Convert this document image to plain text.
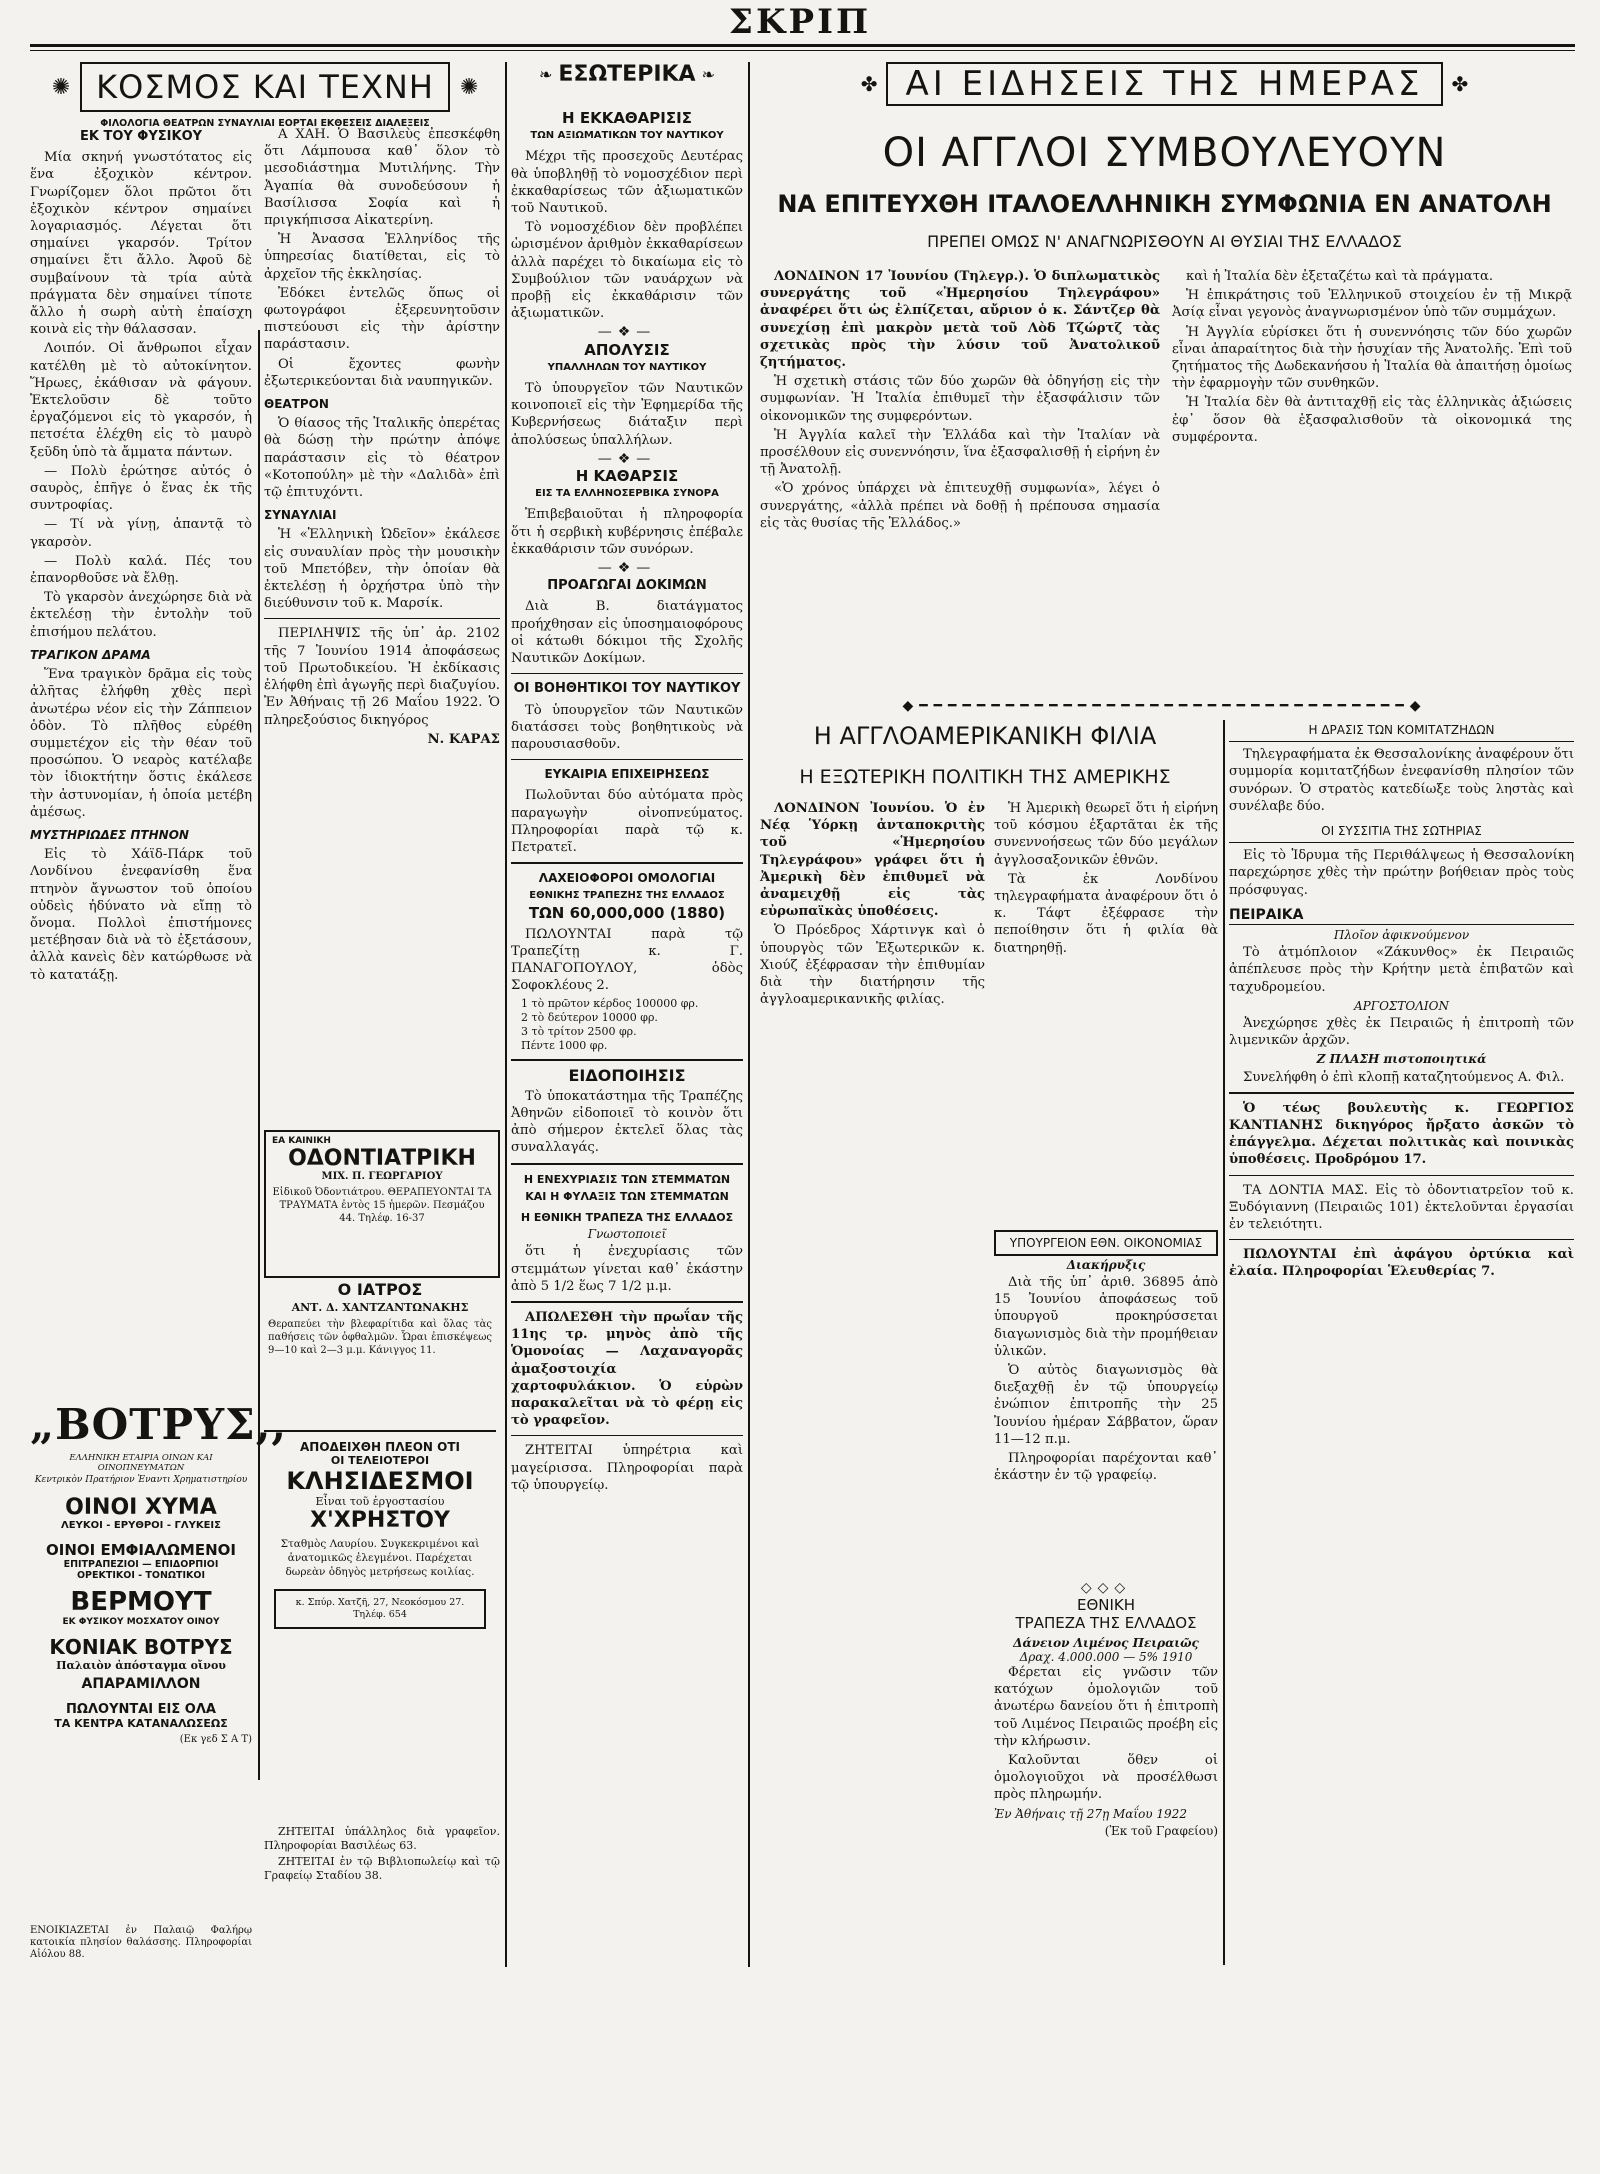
ΣΚΡΙΠ
✺ ΚΟΣΜΟΣ ΚΑΙ ΤΕΧΝΗ	✺
ΦΙΛΟΛΟΓΙΑ ΘΕΑΤΡΩΝ ΣΥΝΑΥΛΙΑΙ ΕΟΡΤΑΙ ΕΚΘΕΣΕΙΣ ΔΙΑΛΕΞΕΙΣ
ΕΚ ΤΟΥ ΦΥΣΙΚΟΥ

Μία σκηνή γνωστότατος εἰς ἕνα ἐξοχικὸν κέντρον. Γνωρίζομεν ὅλοι πρῶτοι ὅτι ἐξοχικὸν κέντρον σημαίνει λογαριασμός. Λέγεται ὅτι σημαίνει γκαρσόν. Τρίτον σημαίνει ἔτι ἄλλο. Ἀφοῦ δὲ συμβαίνουν τὰ τρία αὐτὰ πράγματα δὲν σημαίνει τίποτε ἄλλο ἡ σωρὴ αὐτὴ ἐπαίσχη κοινὰ εἰς τὴν θάλασσαν.

Λοιπόν. Οἱ ἄνθρωποι εἶχαν κατέλθη μὲ τὸ αὐτοκίνητον. Ἥρωες, ἐκάθισαν νὰ φάγουν. Ἐκτελοῦσιν δὲ τοῦτο ἐργαζόμενοι εἰς τὸ γκαρσόν, ἡ πετσέτα ἐλέχθη εἰς τὸ μαυρὸ ξεῦδη ὑπὸ τὰ ἄμματα πάντων.

— Πολὺ ἐρώτησε αὐτός ὁ σαυρὸς, ἐπῆγε ὁ ἕνας ἐκ τῆς συντροφίας.

— Τί νὰ γίνῃ, ἀπαντᾷ τὸ γκαρσὸν.

— Πολὺ καλά. Πές του ἐπανορθοῦσε νὰ ἔλθῃ.

Τὸ γκαρσὸν ἀνεχώρησε διὰ νὰ ἐκτελέσῃ τὴν ἐντολὴν τοῦ ἐπισήμου πελάτου.

ΤΡΑΓΙΚΟΝ ΔΡΑΜΑ

Ἕνα τραγικὸν δρᾶμα εἰς τοὺς ἀλῆτας ἐλήφθη χθὲς περὶ ἀνωτέρω νέον εἰς τὴν Ζάππειον ὁδὸν. Τὸ πλῆθος εὑρέθη συμμετέχον εἰς τὴν θέαν τοῦ προσώπου. Ὁ νεαρὸς κατέλαβε τὸν ἰδιοκτήτην ὅστις ἐκάλεσε τὴν ἀστυνομίαν, ἡ ὁποία μετέβη ἀμέσως.

ΜΥΣΤΗΡΙΩΔΕΣ ΠΤΗΝΟΝ

Εἰς τὸ Χάϊδ-Πάρκ τοῦ Λονδίνου ἐνεφανίσθη ἕνα πτηνὸν ἄγνωστον τοῦ ὁποίου οὐδεὶς ἠδύνατο νὰ εἴπῃ τὸ ὄνομα. Πολλοὶ ἐπιστήμονες μετέβησαν διὰ νὰ τὸ ἐξετάσουν, ἀλλὰ κανεὶς δὲν κατώρθωσε νὰ τὸ κατατάξῃ.

„ΒΟΤΡΥΣ,,
ΕΛΛΗΝΙΚΗ ΕΤΑΙΡΙΑ ΟΙΝΩΝ ΚΑΙ ΟΙΝΟΠΝΕΥΜΑΤΩΝ
Κεντρικὸν Πρατήριον Ἐναντι Χρηματιστηρίου
ΟΙΝΟΙ ΧΥΜΑ
ΛΕΥΚΟΙ - ΕΡΥΘΡΟΙ - ΓΛΥΚΕΙΣ
ΟΙΝΟΙ ΕΜΦΙΑΛΩΜΕΝΟΙ
ΕΠΙΤΡΑΠΕΖΙΟΙ — ΕΠΙΔΟΡΠΙΟΙ
ΟΡΕΚΤΙΚΟΙ - ΤΟΝΩΤΙΚΟΙ
ΒΕΡΜΟΥΤ
ΕΚ ΦΥΣΙΚΟΥ ΜΟΣΧΑΤΟΥ ΟΙΝΟΥ
ΚΟΝΙΑΚ ΒΟΤΡΥΣ
Παλαιὸν ἀπόσταγμα οἴνου
ΑΠΑΡΑΜΙΛΛΟΝ
ΠΩΛΟΥΝΤΑΙ ΕΙΣ ΟΛΑ
ΤΑ ΚΕΝΤΡΑ ΚΑΤΑΝΑΛΩΣΕΩΣ
(Εκ γεδ Σ Α Τ)
ΕΝΟΙΚΙΑΖΕΤΑΙ ἐν Παλαιῷ Φαλήρῳ κατοικία πλησίον θαλάσσης. Πληροφορίαι Αἰόλου 88.

Α ΧΑΗ. Ὁ Βασιλεὺς ἐπεσκέφθη ὅτι Λάμπουσα καθ᾽ ὅλον τὸ μεσοδιάστημα Μυτιλήνης. Τὴν Ἀγαπία θὰ συνοδεύσουν ἡ Βασίλισσα Σοφία καὶ ἡ πριγκήπισσα Αἰκατερίνη.

Ἡ Ἀνασσα Ἑλληνίδος τῆς ὑπηρεσίας διατίθεται, εἰς τὸ ἀρχεῖον τῆς ἐκκλησίας.

Ἐδόκει ἐντελῶς ὅπως οἱ φωτογράφοι ἐξερευνητοῦσιν πιστεύουσι εἰς τὴν ἀρίστην παράστασιν.

Οἱ ἔχοντες φωνὴν ἐξωτερικεύονται διὰ ναυπηγικῶν.

ΘΕΑΤΡΟΝ

Ὁ θίασος τῆς Ἰταλικῆς ὀπερέτας θὰ δώσῃ τὴν πρώτην ἀπόψε παράστασιν εἰς τὸ θέατρον «Κοτοπούλη» μὲ τὴν «Δαλιδὰ» ἐπὶ τῷ ἐπιτυχόντι.

ΣΥΝΑΥΛΙΑΙ

Ἡ «Ἑλληνικὴ Ὠδεῖον» ἐκάλεσε εἰς συναυλίαν πρὸς τὴν μουσικὴν τοῦ Μπετόβεν, τὴν ὁποίαν θὰ ἐκτελέσῃ ἡ ὀρχήστρα ὑπὸ τὴν διεύθυνσιν τοῦ κ. Μαρσίκ.

ΠΕΡΙΛΗΨΙΣ τῆς ὑπ᾽ ἀρ. 2102 τῆς 7 Ἰουνίου 1914 ἀποφάσεως τοῦ Πρωτοδικείου. Ἡ ἐκδίκασις ἐλήφθη ἐπὶ ἀγωγῆς περὶ διαζυγίου. Ἐν Ἀθήναις τῇ 26 Μαΐου 1922. Ὁ πληρεξούσιος δικηγόρος

Ν. ΚΑΡΑΣ
ΕΑ ΚΑΙΝΙΚΗ
ΟΔΟΝΤΙΑΤΡΙΚΗ
ΜΙΧ. Π. ΓΕΩΡΓΑΡΙΟΥ
Εἰδικοῦ Ὀδοντιάτρου. ΘΕΡΑΠΕΥΟΝΤΑΙ ΤΑ ΤΡΑΥΜΑΤΑ ἐντὸς 15 ἡμερῶν. Πεσμάζου 44. Τηλέφ. 16-37
Ο ΙΑΤΡΟΣ
ΑΝΤ. Δ. ΧΑΝΤΖΑΝΤΩΝΑΚΗΣ
Θεραπεύει τὴν βλεφαρίτιδα καὶ ὅλας τὰς παθήσεις τῶν ὀφθαλμῶν. Ὧραι ἐπισκέψεως 9—10 καὶ 2—3 μ.μ. Κάνιγγος 11.
ΑΠΟΔΕΙΧΘΗ ΠΛΕΟΝ ΟΤΙ
ΟΙ ΤΕΛΕΙΟΤΕΡΟΙ
ΚΛΗΣΙΔΕΣΜΟΙ
Εἶναι τοῦ ἐργοστασίου
Χ'ΧΡΗΣΤΟΥ
Σταθμὸς Λαυρίου. Συγκεκριμένοι καὶ ἀνατομικῶς ἐλεγμένοι. Παρέχεται δωρεὰν ὁδηγὸς μετρήσεως κοιλίας.
κ. Σπύρ. Χατζῆ, 27, Νεοκόσμου 27. Τηλέφ. 654

ΖΗΤΕΙΤΑΙ ὑπάλληλος διὰ γραφεῖον. Πληροφορίαι Βασιλέως 63.

ΖΗΤΕΙΤΑΙ ἐν τῷ Βιβλιοπωλείῳ καὶ τῷ Γραφείῳ Σταδίου 38.

❧ ΕΣΩΤΕΡΙΚΑ ❧
Η ΕΚΚΑΘΑΡΙΣΙΣ
ΤΩΝ ΑΞΙΩΜΑΤΙΚΩΝ ΤΟΥ ΝΑΥΤΙΚΟΥ

Μέχρι τῆς προσεχοῦς Δευτέρας θὰ ὑποβληθῇ τὸ νομοσχέδιον περὶ ἐκκαθαρίσεως τῶν ἀξιωματικῶν τοῦ Ναυτικοῦ.

Τὸ νομοσχέδιον δὲν προβλέπει ὡρισμένον ἀριθμὸν ἐκκαθαρίσεων ἀλλὰ παρέχει τὸ δικαίωμα εἰς τὸ Συμβούλιον τῶν ναυάρχων νὰ προβῇ εἰς ἐκκαθάρισιν τῶν ἀξιωματικῶν.

—❖—
ΑΠΟΛΥΣΙΣ
ΥΠΑΛΛΗΛΩΝ ΤΟΥ ΝΑΥΤΙΚΟΥ

Τὸ ὑπουργεῖον τῶν Ναυτικῶν κοινοποιεῖ εἰς τὴν Ἐφημερίδα τῆς Κυβερνήσεως διάταξιν περὶ ἀπολύσεως ὑπαλλήλων.

—❖—
Η ΚΑΘΑΡΣΙΣ
ΕΙΣ ΤΑ ΕΛΛΗΝΟΣΕΡΒΙΚΑ ΣΥΝΟΡΑ

Ἐπιβεβαιοῦται ἡ πληροφορία ὅτι ἡ σερβικὴ κυβέρνησις ἐπέβαλε ἐκκαθάρισιν τῶν συνόρων.

—❖—
ΠΡΟΑΓΩΓΑΙ ΔΟΚΙΜΩΝ

Διὰ Β. διατάγματος προήχθησαν εἰς ὑποσημαιοφόρους οἱ κάτωθι δόκιμοι τῆς Σχολῆς Ναυτικῶν Δοκίμων.

ΟΙ ΒΟΗΘΗΤΙΚΟΙ ΤΟΥ ΝΑΥΤΙΚΟΥ

Τὸ ὑπουργεῖον τῶν Ναυτικῶν διατάσσει τοὺς βοηθητικοὺς νὰ παρουσιασθοῦν.

ΕΥΚΑΙΡΙΑ ΕΠΙΧΕΙΡΗΣΕΩΣ

Πωλοῦνται δύο αὐτόματα πρὸς παραγωγὴν οἰνοπνεύματος. Πληροφορίαι παρὰ τῷ κ. Πετρατεῖ.

ΛΑΧΕΙΟΦΟΡΟΙ ΟΜΟΛΟΓΙΑΙ
ΕΘΝΙΚΗΣ ΤΡΑΠΕΖΗΣ ΤΗΣ ΕΛΛΑΔΟΣ
ΤΩΝ 60,000,000 (1880)

ΠΩΛΟΥΝΤΑΙ παρὰ τῷ Τραπεζίτῃ κ. Γ. ΠΑΝΑΓΟΠΟΥΛΟΥ, ὁδὸς Σοφοκλέους 2.

1 τὸ πρῶτον κέρδος 100000 φρ.
2 τὸ δεύτερον 10000 φρ.
3 τὸ τρίτον 2500 φρ.
Πέντε 1000 φρ.
ΕΙΔΟΠΟΙΗΣΙΣ

Τὸ ὑποκατάστημα τῆς Τραπέζης Ἀθηνῶν εἰδοποιεῖ τὸ κοινὸν ὅτι ἀπὸ σήμερον ἐκτελεῖ ὅλας τὰς συναλλαγάς.

Η ΕΝΕΧΥΡΙΑΣΙΣ ΤΩΝ ΣΤΕΜΜΑΤΩΝ
ΚΑΙ Η ΦΥΛΑΞΙΣ ΤΩΝ ΣΤΕΜΜΑΤΩΝ
Η ΕΘΝΙΚΗ ΤΡΑΠΕΖΑ ΤΗΣ ΕΛΛΑΔΟΣ
Γνωστοποιεῖ

ὅτι ἡ ἐνεχυρίασις τῶν στεμμάτων γίνεται καθ᾽ ἑκάστην ἀπὸ 5 1/2 ἕως 7 1/2 μ.μ.

ΑΠΩΛΕΣΘΗ τὴν πρωΐαν τῆς 11ης τρ. μηνὸς ἀπὸ τῆς Ὁμονοίας — Λαχαναγορᾶς ἀμαξοστοιχία χαρτοφυλάκιον. Ὁ εὑρὼν παρακαλεῖται νὰ τὸ φέρῃ εἰς τὸ γραφεῖον.

ΖΗΤΕΙΤΑΙ ὑπηρέτρια καὶ μαγείρισσα. Πληροφορίαι παρὰ τῷ ὑπουργείῳ.

✤ ΑΙ ΕΙΔΗΣΕΙΣ ΤΗΣ ΗΜΕΡΑΣ	✤
ΟΙ ΑΓΓΛΟΙ ΣΥΜΒΟΥΛΕΥΟΥΝ
ΝΑ ΕΠΙΤΕΥΧΘΗ ΙΤΑΛΟΕΛΛΗΝΙΚΗ ΣΥΜΦΩΝΙΑ ΕΝ ΑΝΑΤΟΛΗ
ΠΡΕΠΕΙ ΟΜΩΣ Ν' ΑΝΑΓΝΩΡΙΣΘΟΥΝ ΑΙ ΘΥΣΙΑΙ ΤΗΣ ΕΛΛΑΔΟΣ

ΛΟΝΔΙΝΟΝ 17 Ἰουνίου (Τηλεγρ.). Ὁ διπλωματικὸς συνεργάτης τοῦ «Ἡμερησίου Τηλεγράφου» ἀναφέρει ὅτι ὡς ἐλπίζεται, αὔριον ὁ κ. Σάντζερ θὰ συνεχίσῃ ἐπὶ μακρὸν μετὰ τοῦ Λὸδ Τζώρτζ τὰς σχετικὰς πρὸς τὴν λύσιν τοῦ Ἀνατολικοῦ ζητήματος.

Ἡ σχετικὴ στάσις τῶν δύο χωρῶν θὰ ὁδηγήσῃ εἰς τὴν συμφωνίαν. Ἡ Ἰταλία ἐπιθυμεῖ τὴν ἐξασφάλισιν τῶν οἰκονομικῶν της συμφερόντων.

Ἡ Ἀγγλία καλεῖ τὴν Ἑλλάδα καὶ τὴν Ἰταλίαν νὰ προσέλθουν εἰς συνεννόησιν, ἵνα ἐξασφαλισθῇ ἡ εἰρήνη ἐν τῇ Ἀνατολῇ.

«Ὁ χρόνος ὑπάρχει νὰ ἐπιτευχθῇ συμφωνία», λέγει ὁ συνεργάτης, «ἀλλὰ πρέπει νὰ δοθῇ ἡ πρέπουσα σημασία εἰς τὰς θυσίας τῆς Ἑλλάδος.»

καὶ ἡ Ἰταλία δὲν ἐξεταζέτω καὶ τὰ πράγματα.

Ἡ ἐπικράτησις τοῦ Ἑλληνικοῦ στοιχείου ἐν τῇ Μικρᾷ Ἀσίᾳ εἶναι γεγονὸς ἀναγνωρισμένον ὑπὸ τῶν συμμάχων.

Ἡ Ἀγγλία εὑρίσκει ὅτι ἡ συνεννόησις τῶν δύο χωρῶν εἶναι ἀπαραίτητος διὰ τὴν ἡσυχίαν τῆς Ἀνατολῆς. Ἐπὶ τοῦ ζητήματος τῆς Δωδεκανήσου ἡ Ἰταλία θὰ ἀπαιτήσῃ ὁμοίως τὴν ἐφαρμογὴν τῶν συνθηκῶν.

Ἡ Ἰταλία δὲν θὰ ἀντιταχθῇ εἰς τὰς ἑλληνικὰς ἀξιώσεις ἐφ᾽ ὅσον θὰ ἐξασφαλισθοῦν τὰ οἰκονομικά της συμφέροντα.

◆━━━━━━━━━━━━━━━━━━━━━━━━━━━━━━━━━━◆
Η ΑΓΓΛΟΑΜΕΡΙΚΑΝΙΚΗ ΦΙΛΙΑ
Η ΕΞΩΤΕΡΙΚΗ ΠΟΛΙΤΙΚΗ ΤΗΣ ΑΜΕΡΙΚΗΣ

ΛΟΝΔΙΝΟΝ Ἰουνίου. Ὁ ἐν Νέᾳ Ὑόρκῃ ἀνταποκριτὴς τοῦ «Ἡμερησίου Τηλεγράφου» γράφει ὅτι ἡ Ἀμερικὴ δὲν ἐπιθυμεῖ νὰ ἀναμειχθῇ εἰς τὰς εὐρωπαϊκὰς ὑποθέσεις.

Ὁ Πρόεδρος Χάρτινγκ καὶ ὁ ὑπουργὸς τῶν Ἐξωτερικῶν κ. Χιούζ ἐξέφρασαν τὴν ἐπιθυμίαν διὰ τὴν διατήρησιν τῆς ἀγγλοαμερικανικῆς φιλίας.

Ἡ Ἀμερικὴ θεωρεῖ ὅτι ἡ εἰρήνη τοῦ κόσμου ἐξαρτᾶται ἐκ τῆς συνεννοήσεως τῶν δύο μεγάλων ἀγγλοσαξονικῶν ἐθνῶν.

Τὰ ἐκ Λονδίνου τηλεγραφήματα ἀναφέρουν ὅτι ὁ κ. Τάφτ ἐξέφρασε τὴν πεποίθησιν ὅτι ἡ φιλία θὰ διατηρηθῇ.

ΥΠΟΥΡΓΕΙΟΝ ΕΘΝ. ΟΙΚΟΝΟΜΙΑΣ
Διακήρυξις

Διὰ τῆς ὑπ᾽ ἀριθ. 36895 ἀπὸ 15 Ἰουνίου ἀποφάσεως τοῦ ὑπουργοῦ προκηρύσσεται διαγωνισμὸς διὰ τὴν προμήθειαν ὑλικῶν.

Ὁ αὐτὸς διαγωνισμὸς θὰ διεξαχθῇ ἐν τῷ ὑπουργείῳ ἐνώπιον ἐπιτροπῆς τὴν 25 Ἰουνίου ἡμέραν Σάββατον, ὥραν 11—12 π.μ.

Πληροφορίαι παρέχονται καθ᾽ ἑκάστην ἐν τῷ γραφείῳ.

◇◇◇
ΕΘΝΙΚΗ
ΤΡΑΠΕΖΑ ΤΗΣ ΕΛΛΑΔΟΣ
Δάνειον Λιμένος Πειραιῶς
Δραχ. 4.000.000 — 5% 1910

Φέρεται εἰς γνῶσιν τῶν κατόχων ὁμολογιῶν τοῦ ἀνωτέρω δανείου ὅτι ἡ ἐπιτροπὴ τοῦ Λιμένος Πειραιῶς προέβη εἰς τὴν κλήρωσιν.

Καλοῦνται ὅθεν οἱ ὁμολογιοῦχοι νὰ προσέλθωσι πρὸς πληρωμήν.

Ἐν Ἀθήναις τῇ 27ῃ Μαΐου 1922
(Ἐκ τοῦ Γραφείου)
Η ΔΡΑΣΙΣ ΤΩΝ ΚΟΜΙΤΑΤΖΗΔΩΝ

Τηλεγραφήματα ἐκ Θεσσαλονίκης ἀναφέρουν ὅτι συμμορία κομιτατζήδων ἐνεφανίσθη πλησίον τῶν συνόρων. Ὁ στρατὸς κατεδίωξε τοὺς ληστὰς καὶ συνέλαβε δύο.

ΟΙ ΣΥΣΣΙΤΙΑ ΤΗΣ ΣΩΤΗΡΙΑΣ

Εἰς τὸ Ἱδρυμα τῆς Περιθάλψεως ἡ Θεσσαλονίκη παρεχώρησε χθὲς τὴν πρώτην βοήθειαν πρὸς τοὺς πρόσφυγας.

ΠΕΙΡΑΙΚΑ
Πλοῖον ἀφικνούμενον

Τὸ ἀτμόπλοιον «Ζάκυνθος» ἐκ Πειραιῶς ἀπέπλευσε πρὸς τὴν Κρήτην μετὰ ἐπιβατῶν καὶ ταχυδρομείου.

ΑΡΓΟΣΤΟΛΙΟΝ

Ἀνεχώρησε χθὲς ἐκ Πειραιῶς ἡ ἐπιτροπὴ τῶν λιμενικῶν ἀρχῶν.

Ζ ΠΛΑΣΗ πιστοποιητικά

Συνελήφθη ὁ ἐπὶ κλοπῇ καταζητούμενος Α. Φιλ.

Ὁ τέως βουλευτὴς κ. ΓΕΩΡΓΙΟΣ ΚΑΝΤΙΑΝΗΣ δικηγόρος ἤρξατο ἀσκῶν τὸ ἐπάγγελμα. Δέχεται πολιτικὰς καὶ ποινικὰς ὑποθέσεις. Προδρόμου 17.

ΤΑ ΔΟΝΤΙΑ ΜΑΣ. Εἰς τὸ ὀδοντιατρεῖον τοῦ κ. Ξυδόγιαννη (Πειραιῶς 101) ἐκτελοῦνται ἐργασίαι ἐν τελειότητι.

ΠΩΛΟΥΝΤΑΙ ἐπὶ ἀφάγου ὀρτύκια καὶ ἐλαία. Πληροφορίαι Ἑλευθερίας 7.
